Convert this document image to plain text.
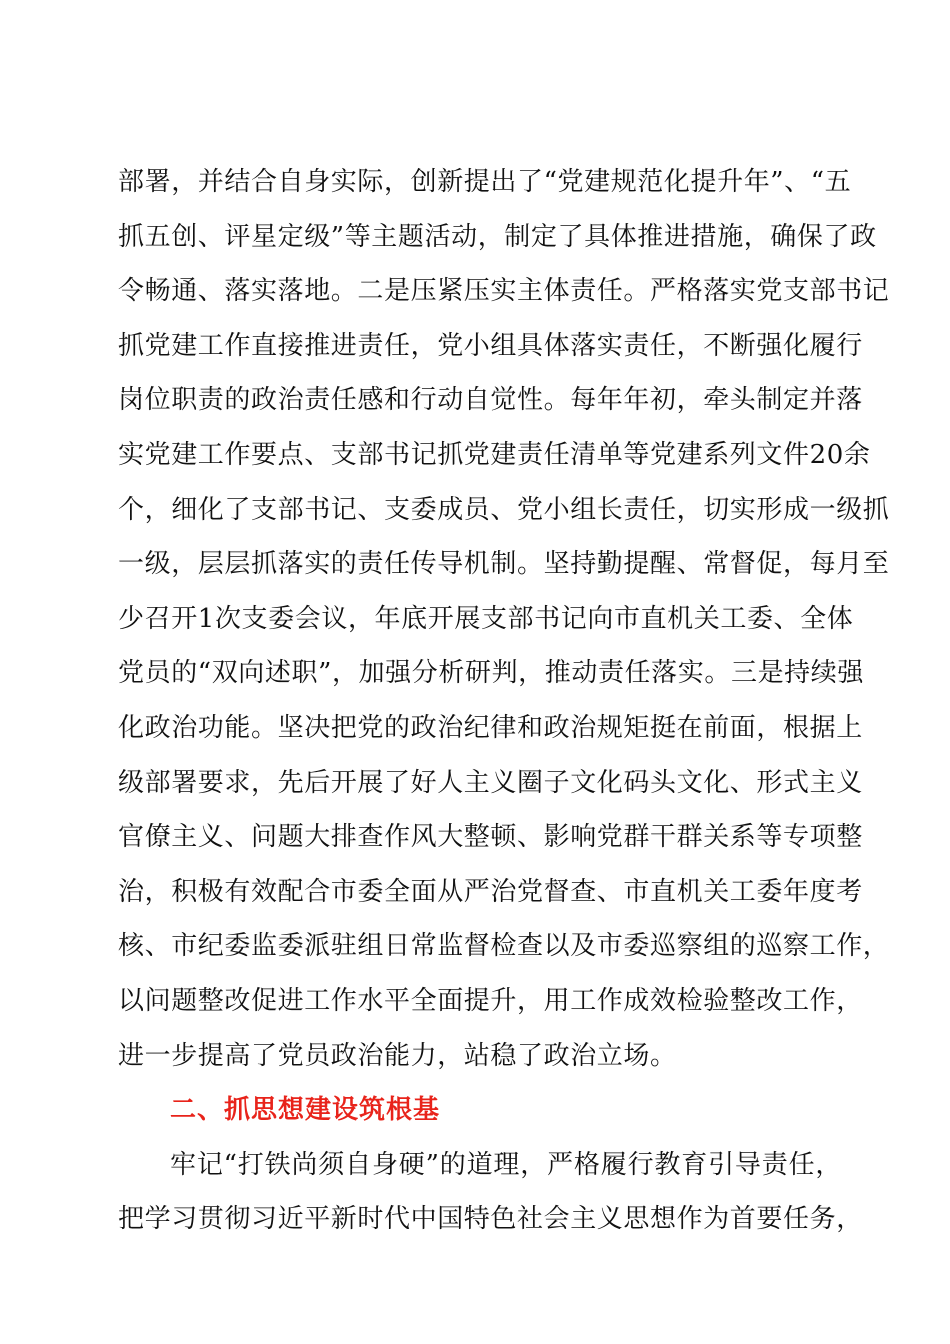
部署，并结合自身实际，创新提出了“党建规范化提升年”、“五
抓五创、评星定级”等主题活动，制定了具体推进措施，确保了政
令畅通、落实落地。二是压紧压实主体责任。严格落实党支部书记
抓党建工作直接推进责任，党小组具体落实责任，不断强化履行
岗位职责的政治责任感和行动自觉性。每年年初，牵头制定并落
实党建工作要点、支部书记抓党建责任清单等党建系列文件20余
个，细化了支部书记、支委成员、党小组长责任，切实形成一级抓
一级，层层抓落实的责任传导机制。坚持勤提醒、常督促，每月至
少召开1次支委会议，年底开展支部书记向市直机关工委、全体
党员的“双向述职”，加强分析研判，推动责任落实。三是持续强
化政治功能。坚决把党的政治纪律和政治规矩挺在前面，根据上
级部署要求，先后开展了好人主义圈子文化码头文化、形式主义
官僚主义、问题大排查作风大整顿、影响党群干群关系等专项整
治，积极有效配合市委全面从严治党督查、市直机关工委年度考
核、市纪委监委派驻组日常监督检查以及市委巡察组的巡察工作，
以问题整改促进工作水平全面提升，用工作成效检验整改工作，
进一步提高了党员政治能力，站稳了政治立场。
二、抓思想建设筑根基
牢记“打铁尚须自身硬”的道理，严格履行教育引导责任，
把学习贯彻习近平新时代中国特色社会主义思想作为首要任务，
